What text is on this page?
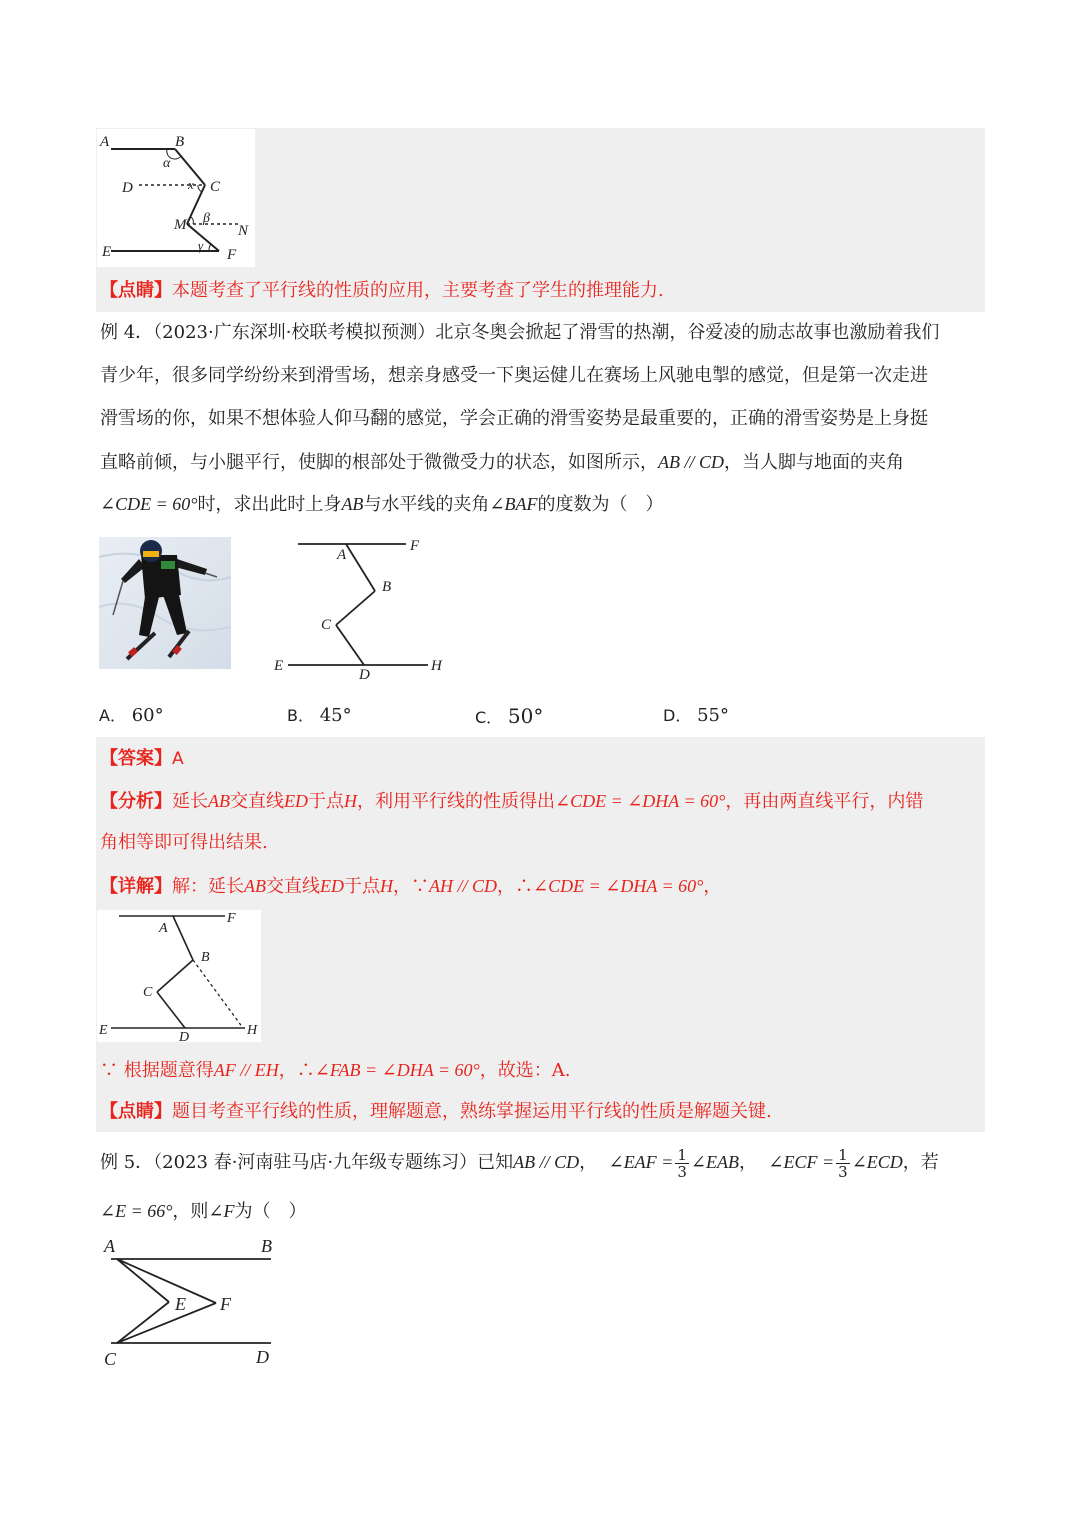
A	B
α
D	x C
M β
N
E	γ
F
【点睛】本题考查了平行线的性质的应用，主要考查了学生的推理能力.
例 4．（2023·广东深圳·校联考模拟预测）北京冬奥会掀起了滑雪的热潮，谷爱凌的励志故事也激励着我们
青少年，很多同学纷纷来到滑雪场，想亲身感受一下奥运健儿在赛场上风驰电掣的感觉，但是第一次走进
滑雪场的你，如果不想体验人仰马翻的感觉，学会正确的滑雪姿势是最重要的，正确的滑雪姿势是上身挺
直略前倾，与小腿平行，使脚的根部处于微微受力的状态，如图所示，AB // CD，当人脚与地面的夹角
∠CDE = 60°时，求出此时上身AB与水平线的夹角∠BAF的度数为（　）
A
F
B
C
E
D
H
A． 60°	B． 45°	C． 50°	D． 55°
【答案】A
【分析】延长AB交直线ED于点H，利用平行线的性质得出∠CDE = ∠DHA = 60°，再由两直线平行，内错
角相等即可得出结果.
【详解】解：延长AB交直线ED于点H，∵AH // CD，∴∠CDE = ∠DHA = 60°，
F
A
B
C
E	D	H
∵ 根据题意得AF // EH，∴∠FAB = ∠DHA = 60°，故选：A.
【点睛】题目考查平行线的性质，理解题意，熟练掌握运用平行线的性质是解题关键.
例 5．（2023 春·河南驻马店·九年级专题练习）已知AB // CD， ∠EAF = $\frac{1}{3}$ ∠EAB， ∠ECF = $\frac{1}{3}$ ∠ECD，若
∠E = 66°，则∠F为（　）
A	B
E F
C	D
